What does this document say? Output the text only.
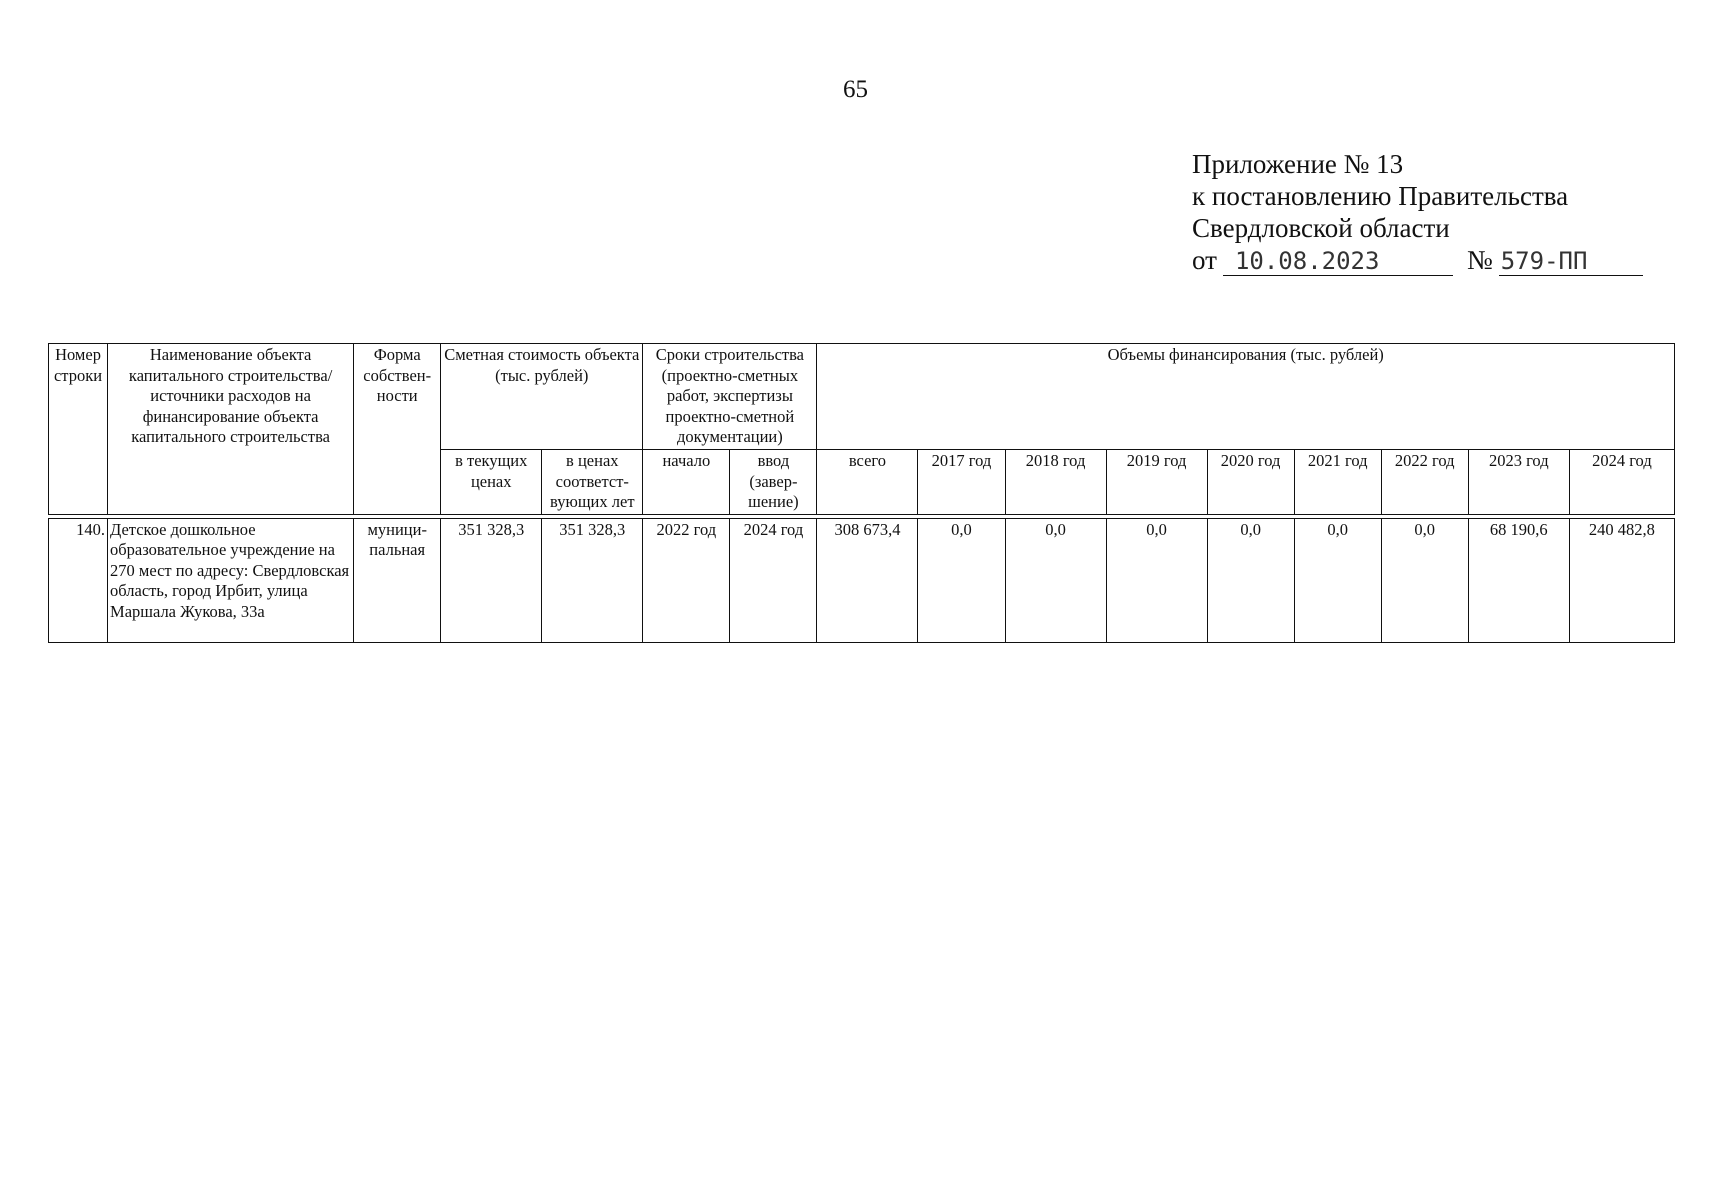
65
Приложение № 13
к постановлению Правительства
Свердловской области
от 10.08.2023	№ 579-ПП
Номер строки	Наименование объекта капитального строительства/ источники расходов на финансирование объекта капитального строительства	Форма собствен-ности	Сметная стоимость объекта (тыс. рублей)		Сроки строительства (проектно-сметных работ, экспертизы проектно-сметной документации)		Объемы финансирования (тыс. рублей)								
			в текущих ценах	в ценах соответст-вующих лет	начало	ввод (завер-шение)	всего	2017 год	2018 год	2019 год	2020 год	2021 год	2022 год	2023 год	2024 год

140.	Детское дошкольное образовательное учреждение на 270 мест по адресу: Свердловская область, город Ирбит, улица Маршала Жукова, 33а	муници-пальная	351 328,3	351 328,3	2022 год	2024 год	308 673,4	0,0	0,0	0,0	0,0	0,0	0,0	68 190,6	240 482,8
